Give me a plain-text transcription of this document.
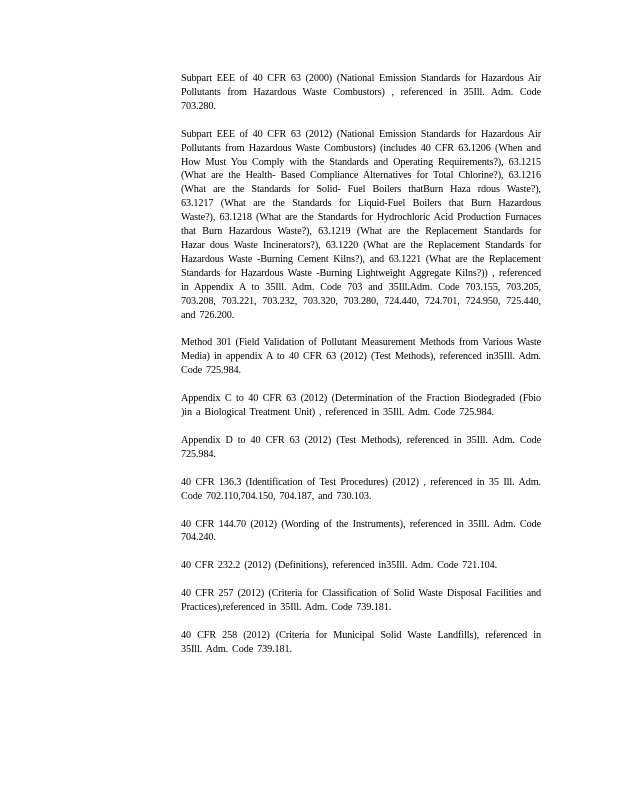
Subpart EEE of 40 CFR 63 (2000) (National Emission Standards for Hazardous Air Pollutants from Hazardous Waste Combustors) , referenced in 35Ill. Adm. Code 703.280.

Subpart EEE of 40 CFR 63 (2012) (National Emission Standards for Hazardous Air Pollutants from Hazardous Waste Combustors) (includes 40 CFR 63.1206 (When and How Must You Comply with the Standards and Operating Requirements?), 63.1215 (What are the Health- Based Compliance Alternatives for Total Chlorine?), 63.1216 (What are the Standards for Solid- Fuel Boilers thatBurn Haza rdous Waste?), 63.1217 (What are the Standards for Liquid-Fuel Boilers that Burn Hazardous Waste?), 63.1218 (What are the Standards for Hydrochloric Acid Production Furnaces that Burn Hazardous Waste?), 63.1219 (What are the Replacement Standards for Hazar dous Waste Incinerators?), 63.1220 (What are the Replacement Standards for Hazardous Waste -Burning Cement Kilns?), and 63.1221 (What are the Replacement Standards for Hazardous Waste -Burning Lightweight Aggregate Kilns?)) , referenced in Appendix A to 35Ill. Adm. Code 703 and 35Ill.Adm. Code 703.155, 703.205, 703.208, 703.221, 703.232, 703.320, 703.280, 724.440, 724.701, 724.950, 725.440, and 726.200.

Method 301 (Field Validation of Pollutant Measurement Methods from Various Waste Media) in appendix A to 40 CFR 63 (2012) (Test Methods), referenced in35Ill. Adm. Code 725.984.

Appendix C to 40 CFR 63 (2012) (Determination of the Fraction Biodegraded (Fbio )in a Biological Treatment Unit) , referenced in 35Ill. Adm. Code 725.984.

Appendix D to 40 CFR 63 (2012) (Test Methods), referenced in 35Ill. Adm. Code 725.984.

40 CFR 136.3 (Identification of Test Procedures) (2012) , referenced in 35 Ill. Adm. Code 702.110,704.150, 704.187, and 730.103.

40 CFR 144.70 (2012) (Wording of the Instruments), referenced in 35Ill. Adm. Code 704.240.

40 CFR 232.2 (2012) (Definitions), referenced in35Ill. Adm. Code 721.104.

40 CFR 257 (2012) (Criteria for Classification of Solid Waste Disposal Facilities and Practices),referenced in 35Ill. Adm. Code 739.181.

40 CFR 258 (2012) (Criteria for Municipal Solid Waste Landfills), referenced in 35Ill. Adm. Code 739.181.
